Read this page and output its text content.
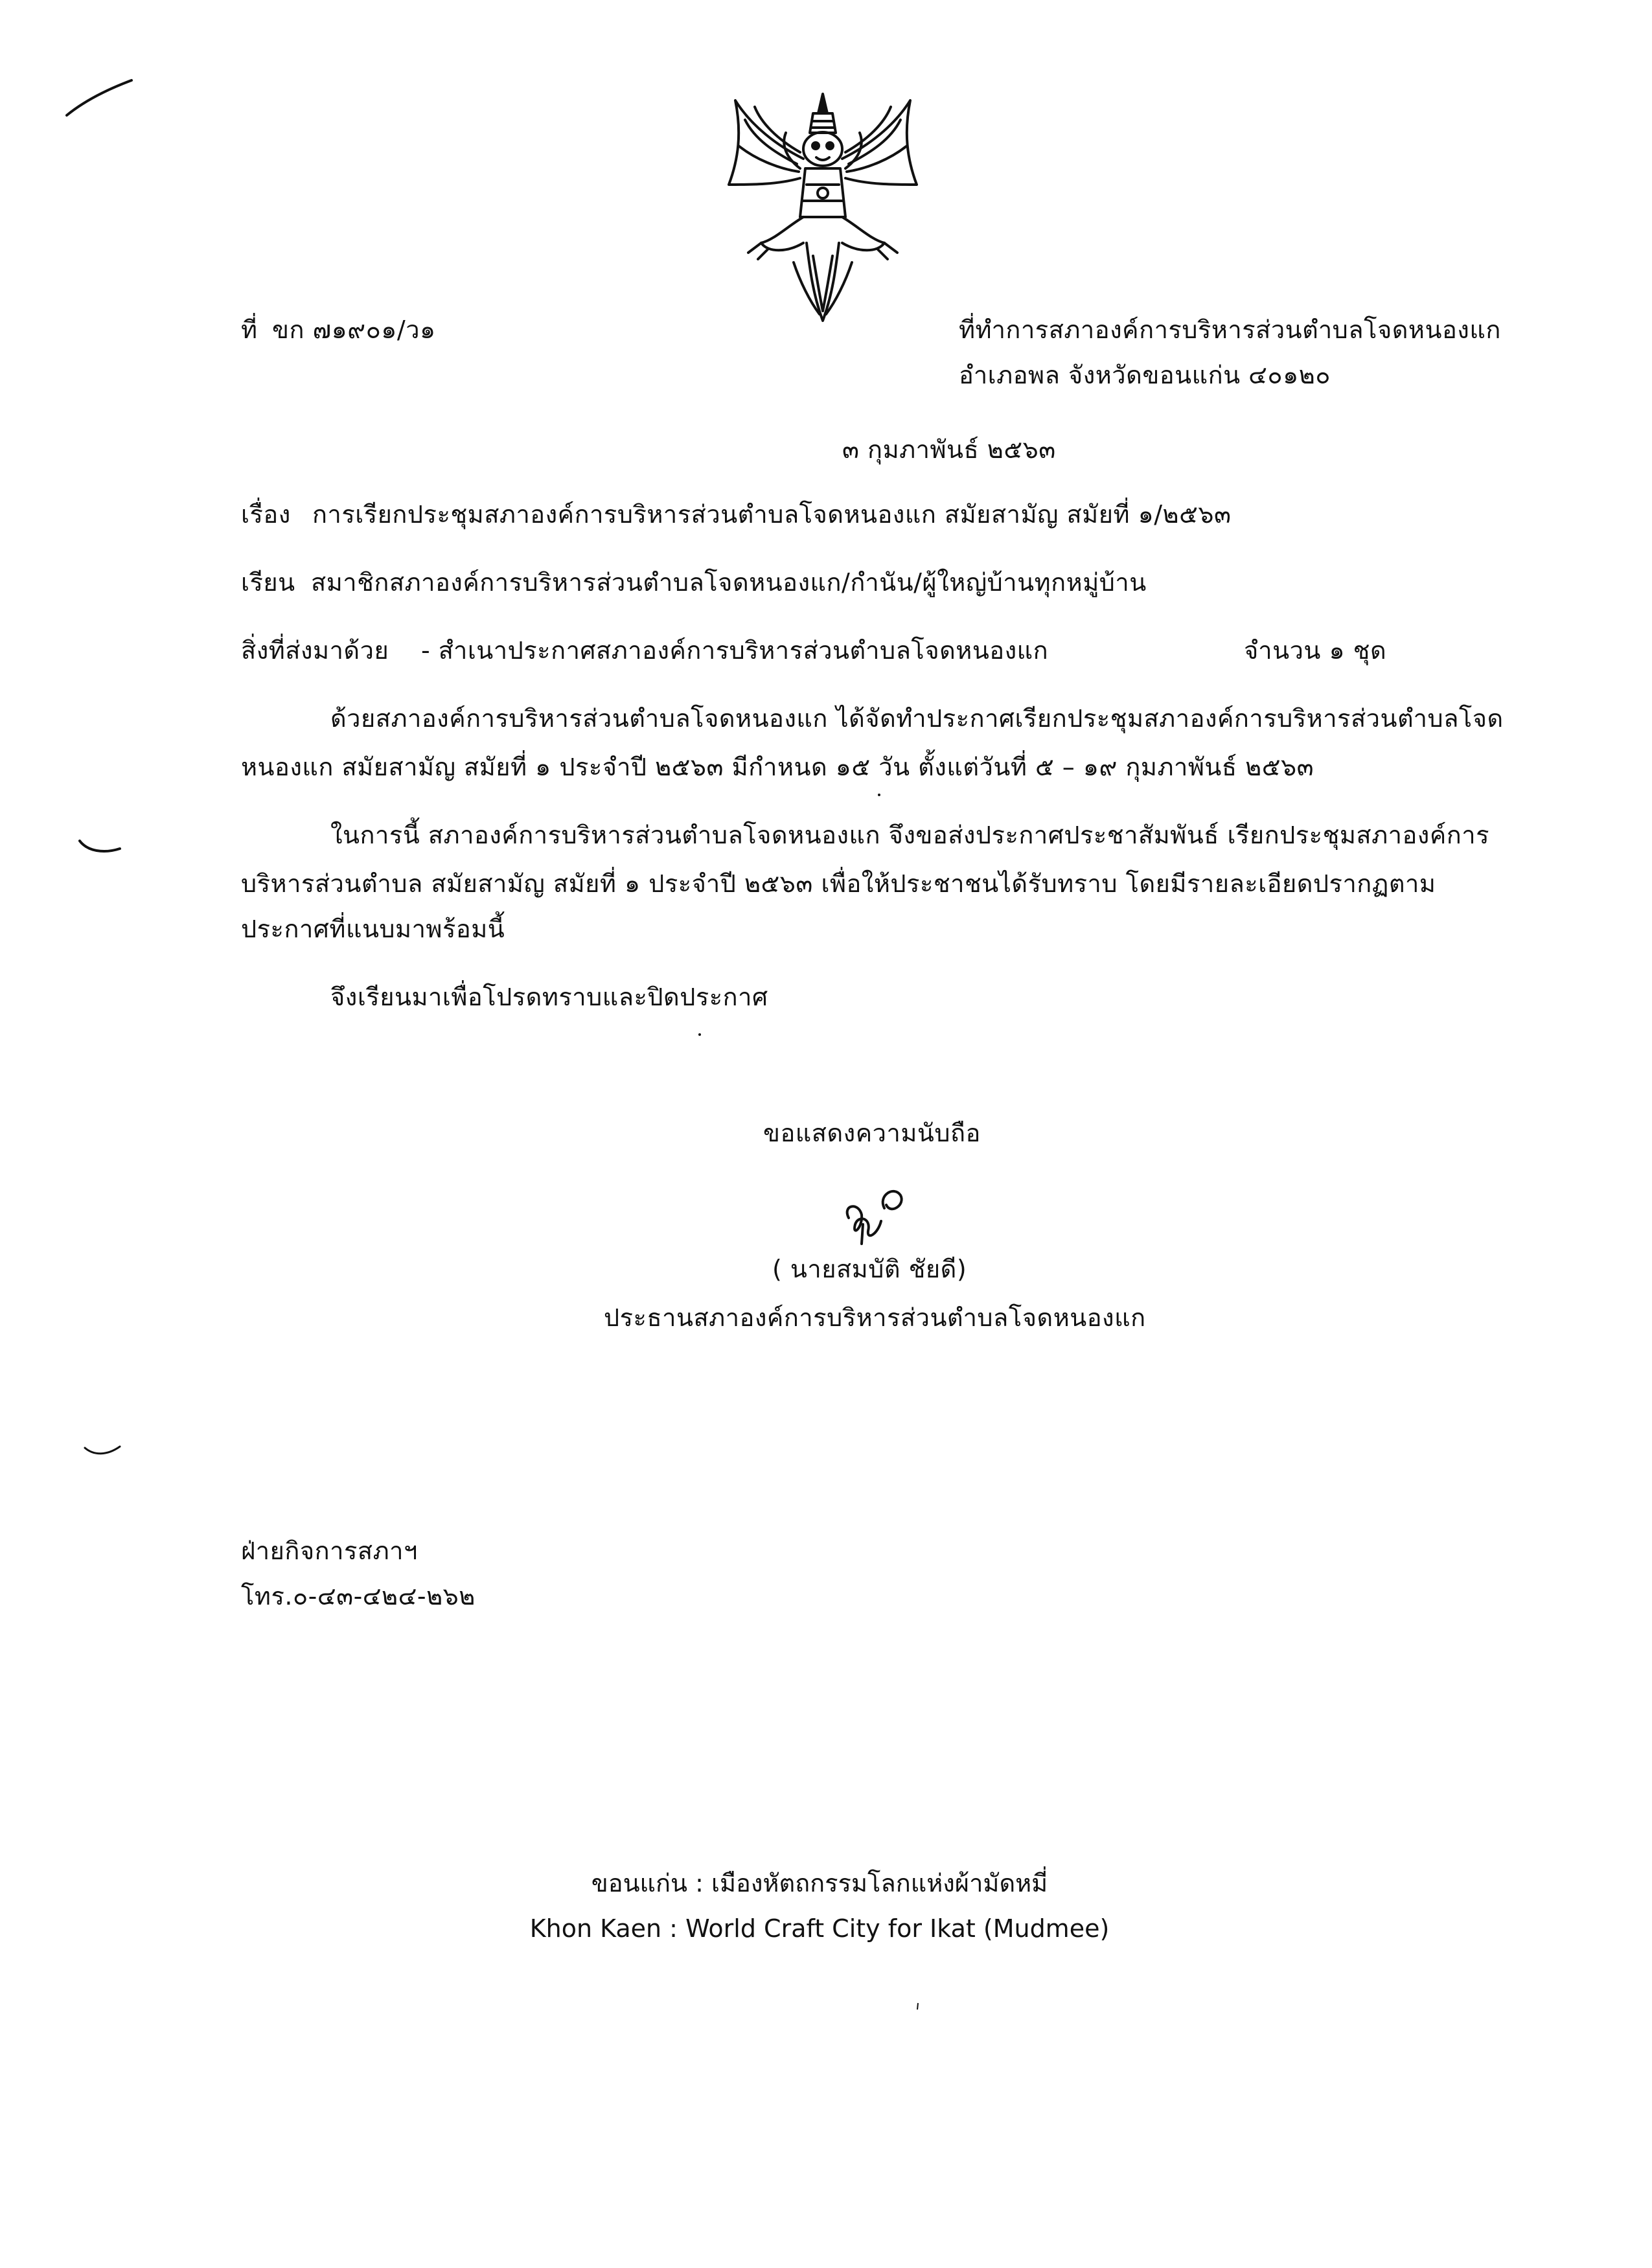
ที่ ขก ๗๑๙๐๑/ว๑	ที่ทำการสภาองค์การบริหารส่วนตำบลโจดหนองแก
อำเภอพล จังหวัดขอนแก่น ๔๐๑๒๐
๓ กุมภาพันธ์ ๒๕๖๓
เรื่อง การเรียกประชุมสภาองค์การบริหารส่วนตำบลโจดหนองแก สมัยสามัญ สมัยที่ ๑/๒๕๖๓
เรียน สมาชิกสภาองค์การบริหารส่วนตำบลโจดหนองแก/กำนัน/ผู้ใหญ่บ้านทุกหมู่บ้าน
สิ่งที่ส่งมาด้วย - สำเนาประกาศสภาองค์การบริหารส่วนตำบลโจดหนองแก	จำนวน ๑ ชุด
ด้วยสภาองค์การบริหารส่วนตำบลโจดหนองแก ได้จัดทำประกาศเรียกประชุมสภาองค์การบริหารส่วนตำบลโจด
หนองแก สมัยสามัญ สมัยที่ ๑ ประจำปี ๒๕๖๓ มีกำหนด ๑๕ วัน ตั้งแต่วันที่ ๕ – ๑๙ กุมภาพันธ์ ๒๕๖๓
ในการนี้ สภาองค์การบริหารส่วนตำบลโจดหนองแก จึงขอส่งประกาศประชาสัมพันธ์ เรียกประชุมสภาองค์การ
บริหารส่วนตำบล สมัยสามัญ สมัยที่ ๑ ประจำปี ๒๕๖๓ เพื่อให้ประชาชนได้รับทราบ โดยมีรายละเอียดปรากฏตาม
ประกาศที่แนบมาพร้อมนี้
จึงเรียนมาเพื่อโปรดทราบและปิดประกาศ
ขอแสดงความนับถือ
( นายสมบัติ ชัยดี)
ประธานสภาองค์การบริหารส่วนตำบลโจดหนองแก
ฝ่ายกิจการสภาฯ
โทร.๐-๔๓-๔๒๔-๒๖๒
ขอนแก่น : เมืองหัตถกรรมโลกแห่งผ้ามัดหมี่
Khon Kaen : World Craft City for Ikat (Mudmee)
